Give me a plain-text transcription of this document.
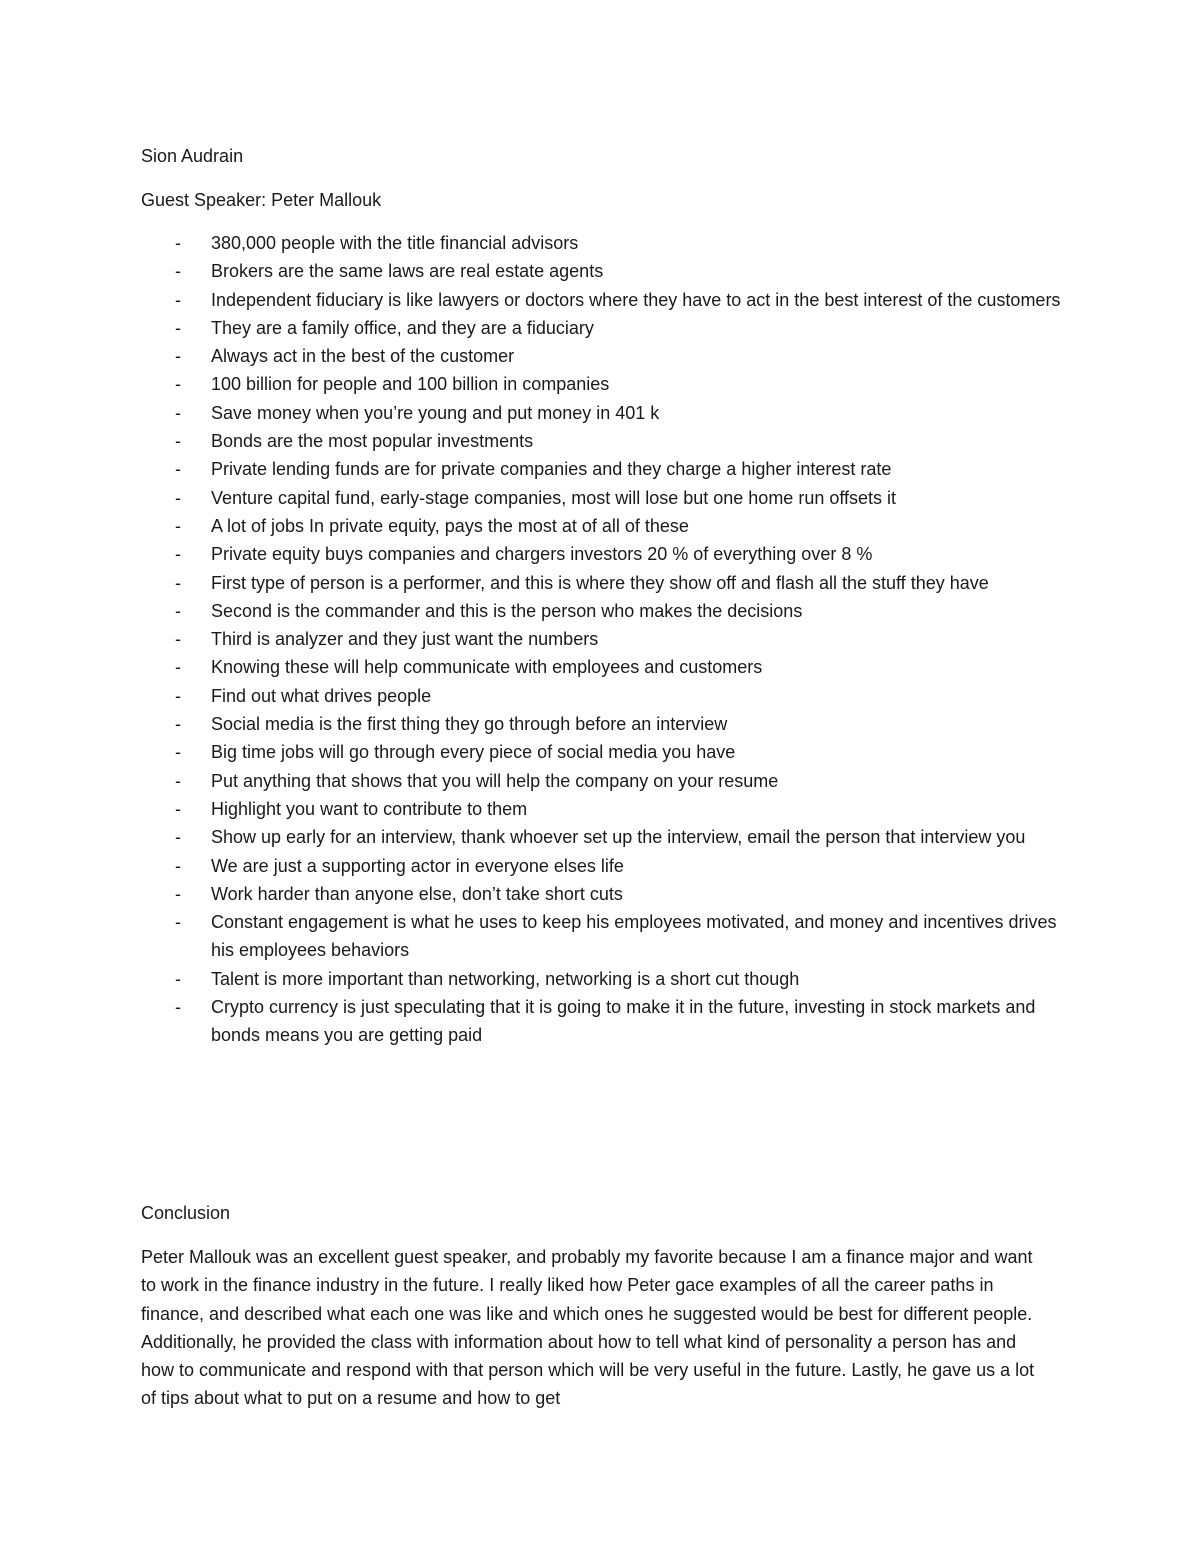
Sion Audrain

Guest Speaker: Peter Mallouk

- 380,000 people with the title financial advisors
- Brokers are the same laws are real estate agents
- Independent fiduciary is like lawyers or doctors where they have to act in the best interest of the customers
- They are a family office, and they are a fiduciary
- Always act in the best of the customer
- 100 billion for people and 100 billion in companies
- Save money when you’re young and put money in 401 k
- Bonds are the most popular investments
- Private lending funds are for private companies and they charge a higher interest rate
- Venture capital fund, early-stage companies, most will lose but one home run offsets it
- A lot of jobs In private equity, pays the most at of all of these
- Private equity buys companies and chargers investors 20 % of everything over 8 %
- First type of person is a performer, and this is where they show off and flash all the stuff they have
- Second is the commander and this is the person who makes the decisions
- Third is analyzer and they just want the numbers
- Knowing these will help communicate with employees and customers
- Find out what drives people
- Social media is the first thing they go through before an interview
- Big time jobs will go through every piece of social media you have
- Put anything that shows that you will help the company on your resume
- Highlight you want to contribute to them
- Show up early for an interview, thank whoever set up the interview, email the person that interview you
- We are just a supporting actor in everyone elses life
- Work harder than anyone else, don’t take short cuts
- Constant engagement is what he uses to keep his employees motivated, and money and incentives drives his employees behaviors
- Talent is more important than networking, networking is a short cut though
- Crypto currency is just speculating that it is going to make it in the future, investing in stock markets and bonds means you are getting paid
Conclusion

Peter Mallouk was an excellent guest speaker, and probably my favorite because I am a finance major and want to work in the finance industry in the future. I really liked how Peter gace examples of all the career paths in finance, and described what each one was like and which ones he suggested would be best for different people. Additionally, he provided the class with information about how to tell what kind of personality a person has and how to communicate and respond with that person which will be very useful in the future. Lastly, he gave us a lot of tips about what to put on a resume and how to get
